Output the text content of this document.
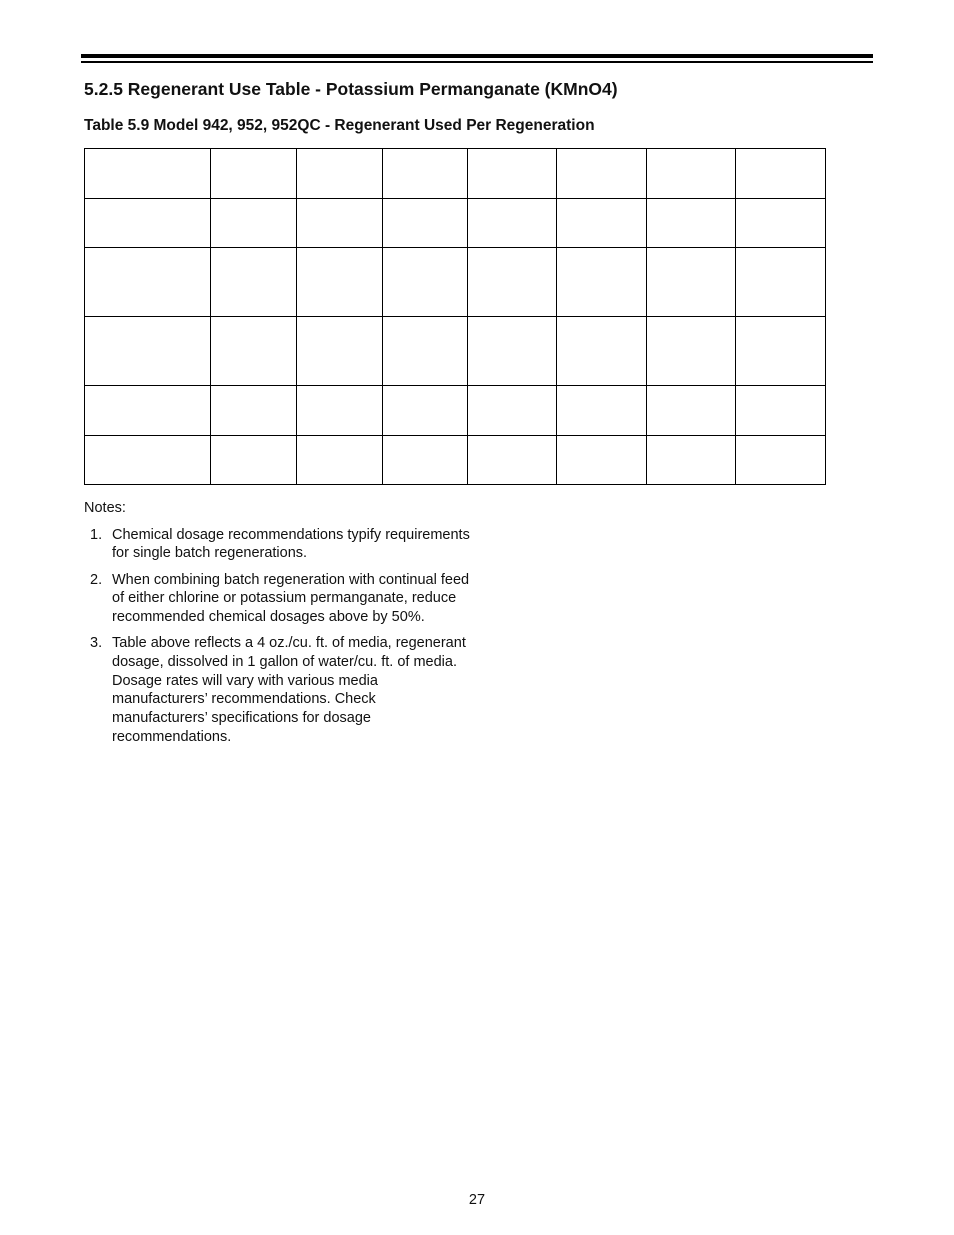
5.2.5 Regenerant Use Table - Potassium Permanganate (KMnO4)
Table 5.9 Model 942, 952, 952QC - Regenerant Used Per Regeneration

Notes:

1. Chemical dosage recommendations typify requirements for single batch regenerations.
2. When combining batch regeneration with continual feed of either chlorine or potassium permanganate, reduce recommended chemical dosages above by 50%.
3. Table above reflects a 4 oz./cu. ft. of media, regenerant dosage, dissolved in 1 gallon of water/cu. ft. of media. Dosage rates will vary with various media manufacturers’ recommendations. Check manufacturers’ specifications for dosage recommendations.
27
